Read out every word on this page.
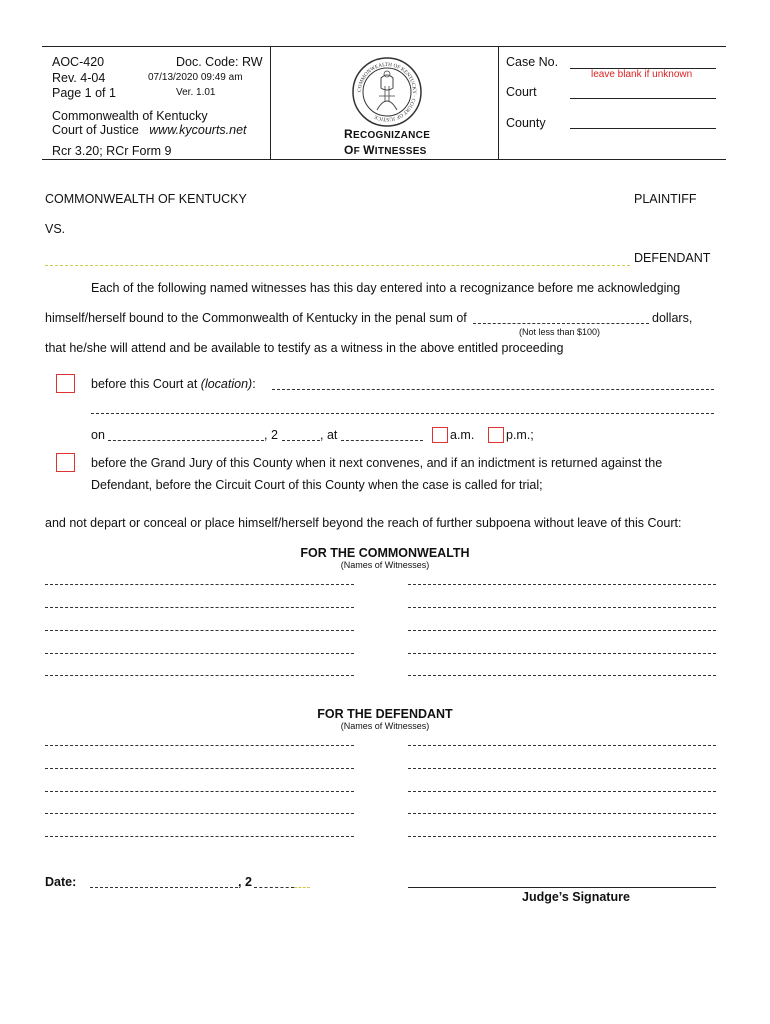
AOC-420	Doc. Code: RW
Rev. 4-04	07/13/2020 09:49 am
Page 1 of 1	Ver. 1.01
Commonwealth of Kentucky
Court of Justice www.kycourts.net
Rcr 3.20; RCr Form 9
COMMONWEALTH OF KENTUCKY · COURT OF JUSTICE
RECOGNIZANCE
OF WITNESSES
Case No.
leave blank if unknown
Court
County
COMMONWEALTH OF KENTUCKY	PLAINTIFF
VS.
DEFENDANT
Each of the following named witnesses has this day entered into a recognizance before me acknowledging
himself/herself bound to the Commonwealth of Kentucky in the penal sum of	dollars,
(Not less than $100)
that he/she will attend and be available to testify as a witness in the above entitled proceeding
before this Court at (location):
on	, 2	, at	a.m.	p.m.;
before the Grand Jury of this County when it next convenes, and if an indictment is returned against the
Defendant, before the Circuit Court of this County when the case is called for trial;
and not depart or conceal or place himself/herself beyond the reach of further subpoena without leave of this Court:
FOR THE COMMONWEALTH
(Names of Witnesses)
FOR THE DEFENDANT
(Names of Witnesses)
Date:	, 2
Judge’s Signature
